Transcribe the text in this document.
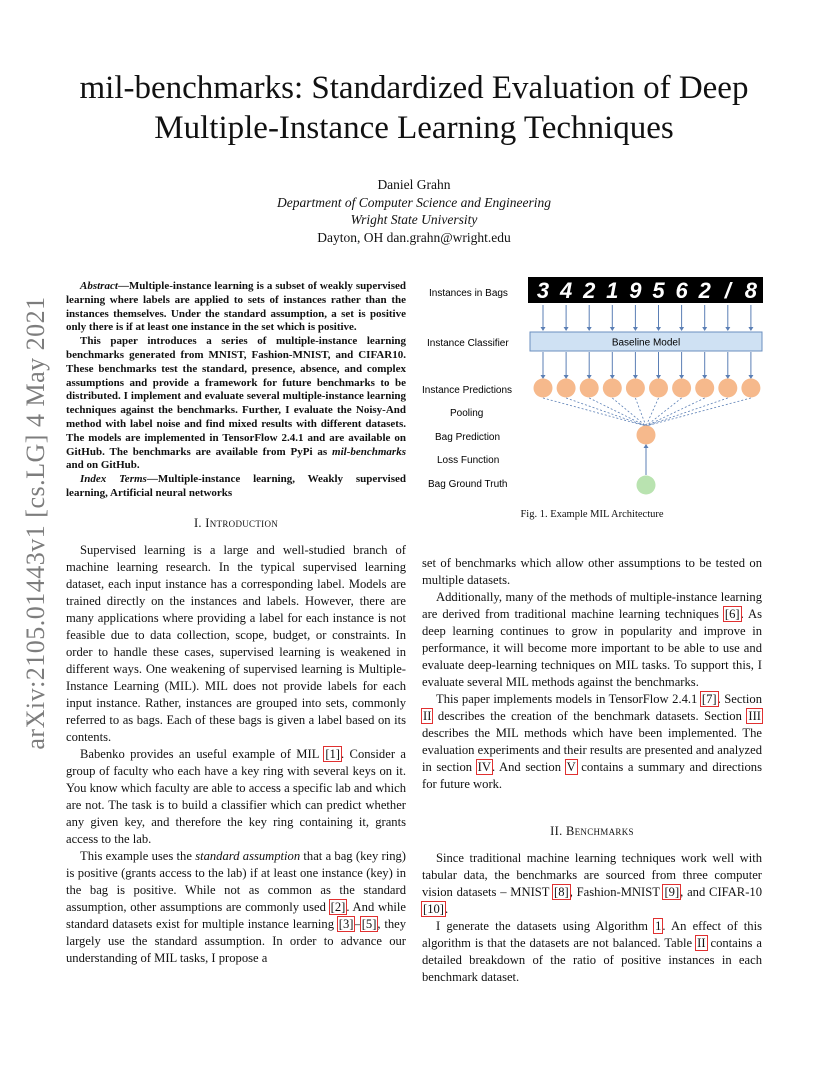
arXiv:2105.01443v1 [cs.LG] 4 May 2021
mil-benchmarks: Standardized Evaluation of Deep Multiple-Instance Learning Techniques
Daniel Grahn
Department of Computer Science and Engineering
Wright State University
Dayton, OH dan.grahn@wright.edu

Abstract—Multiple-instance learning is a subset of weakly supervised learning where labels are applied to sets of instances rather than the instances themselves. Under the standard assumption, a set is positive only there is if at least one instance in the set which is positive.

This paper introduces a series of multiple-instance learning benchmarks generated from MNIST, Fashion-MNIST, and CIFAR10. These benchmarks test the standard, presence, absence, and complex assumptions and provide a framework for future benchmarks to be distributed. I implement and evaluate several multiple-instance learning techniques against the benchmarks. Further, I evaluate the Noisy-And method with label noise and find mixed results with different datasets. The models are implemented in TensorFlow 2.4.1 and are available on GitHub. The benchmarks are available from PyPi as mil-benchmarks and on GitHub.

Index Terms—Multiple-instance learning, Weakly supervised learning, Artificial neural networks

I. Introduction

Supervised learning is a large and well-studied branch of machine learning research. In the typical supervised learning dataset, each input instance has a corresponding label. Models are trained directly on the instances and labels. However, there are many applications where providing a label for each instance is not feasible due to data collection, scope, budget, or constraints. In order to handle these cases, supervised learning is weakened in different ways. One weakening of supervised learning is Multiple-Instance Learning (MIL). MIL does not provide labels for each input instance. Rather, instances are grouped into sets, commonly referred to as bags. Each of these bags is given a label based on its contents.

Babenko provides an useful example of MIL [1]. Consider a group of faculty who each have a key ring with several keys on it. You know which faculty are able to access a specific lab and which are not. The task is to build a classifier which can predict whether any given key, and therefore the key ring containing it, grants access to the lab.

This example uses the standard assumption that a bag (key ring) is positive (grants access to the lab) if at least one instance (key) in the bag is positive. While not as common as the standard assumption, other assumptions are commonly used [2]. And while standard datasets exist for multiple instance learning [3]–[5], they largely use the standard assumption. In order to advance our understanding of MIL tasks, I propose a

Instances in Bags
Instance Classifier
Instance Predictions
Pooling
Bag Prediction
Loss Function
Bag Ground Truth
3 4 2 1 9 5 6 2 / 8
Baseline Model
Fig. 1. Example MIL Architecture

set of benchmarks which allow other assumptions to be tested on multiple datasets.

Additionally, many of the methods of multiple-instance learning are derived from traditional machine learning techniques [6]. As deep learning continues to grow in popularity and improve in performance, it will become more important to be able to use and evaluate deep-learning techniques on MIL tasks. To support this, I evaluate several MIL methods against the benchmarks.

This paper implements models in TensorFlow 2.4.1 [7]. Section II describes the creation of the benchmark datasets. Section III describes the MIL methods which have been implemented. The evaluation experiments and their results are presented and analyzed in section IV. And section V contains a summary and directions for future work.

II. Benchmarks

Since traditional machine learning techniques work well with tabular data, the benchmarks are sourced from three computer vision datasets – MNIST [8], Fashion-MNIST [9], and CIFAR-10 [10].

I generate the datasets using Algorithm 1. An effect of this algorithm is that the datasets are not balanced. Table II contains a detailed breakdown of the ratio of positive instances in each benchmark dataset.
